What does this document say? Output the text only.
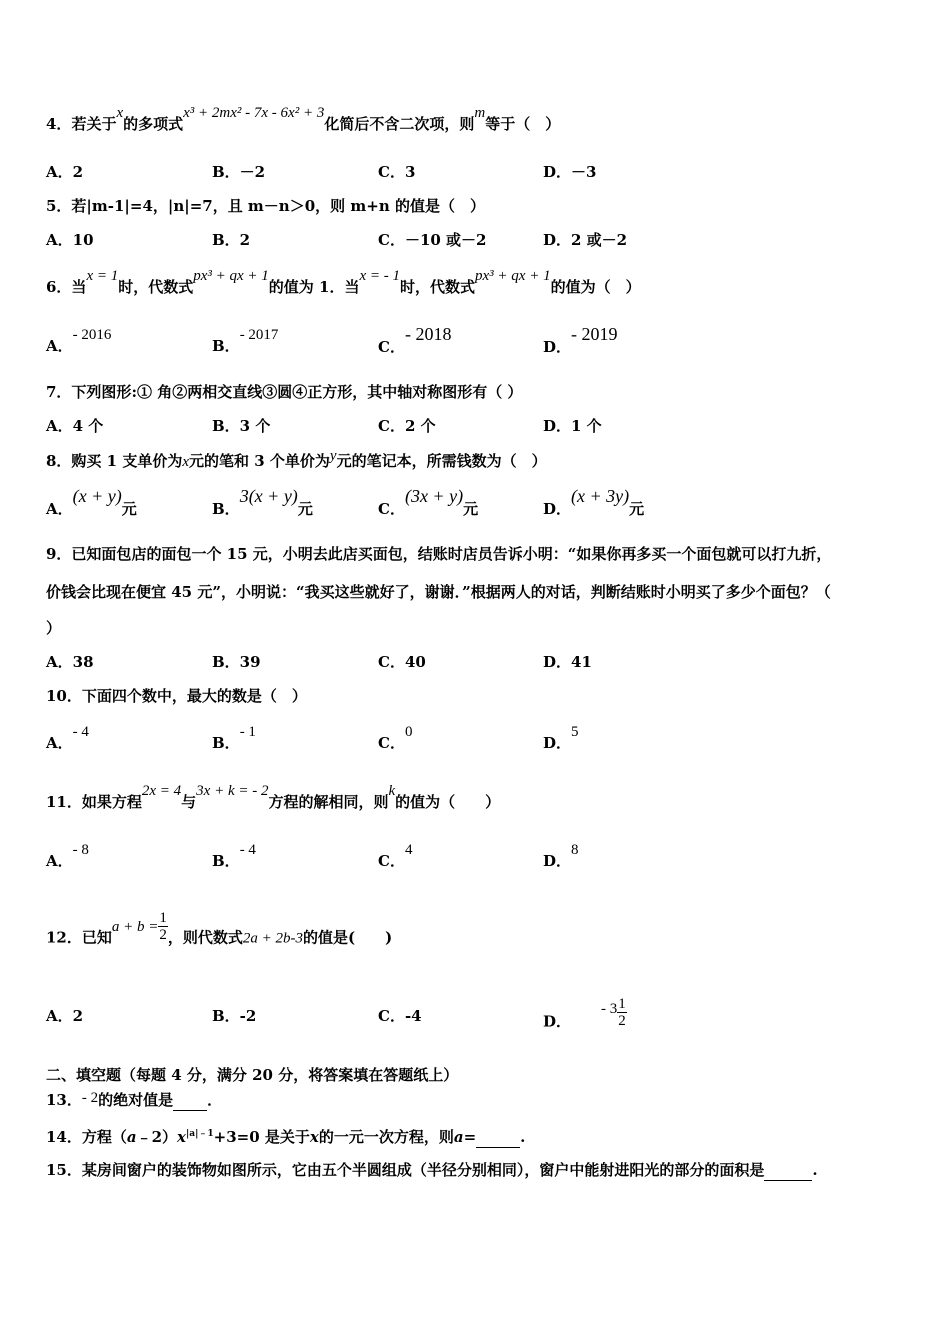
4．若关于x的多项式x³ + 2mx² - 7x - 6x² + 3化简后不含二次项，则m等于（　）
A．2	B．－2	C．3	D．－3
5．若|m-1|=4，|n|=7，且 m－n＞0，则 m+n 的值是（　）
A．10	B．2	C．－10 或－2	D．2 或－2
6．当x = 1时，代数式px³ + qx + 1的值为 1．当x = - 1时，代数式px³ + qx + 1的值为（　）
A．- 2016
B．- 2017
C．- 2018
D．- 2019
7．下列图形:① 角②两相交直线③圆④正方形，其中轴对称图形有（ ）
A．4 个	B．3 个	C．2 个	D．1 个
8．购买 1 支单价为x元的笔和 3 个单价为y元的笔记本，所需钱数为（　）
A．(x + y)元	B．3(x + y)元	C．(3x + y)元	D．(x + 3y)元
9．已知面包店的面包一个 15 元，小明去此店买面包，结账时店员告诉小明：“如果你再多买一个面包就可以打九折，
价钱会比现在便宜 45 元”，小明说：“我买这些就好了，谢谢．”根据两人的对话，判断结账时小明买了多少个面包？（
）
A．38	B．39	C．40	D．41
10．下面四个数中，最大的数是（　）
A．- 4
B．- 1
C．0
D．5
11．如果方程2x = 4与3x + k = - 2方程的解相同，则k的值为（　　）
A．- 8
B．- 4
C．4
D．8
12．已知$a + b = \frac{1}{2}$ ，则代数式2a + 2b-3的值是(　　)
A．2	B．-2	C．-4	D．- $3 \frac{1}{2}$
二、填空题（每题 4 分，满分 20 分，将答案填在答题纸上）
13．- 2的绝对值是 ．
14．方程$(a﹣2)x^{|a|﹣1}+3=0$ 是关于x的一元一次方程，则a=	.
15．某房间窗户的装饰物如图所示，它由五个半圆组成（半径分别相同），窗户中能射进阳光的部分的面积是	.
